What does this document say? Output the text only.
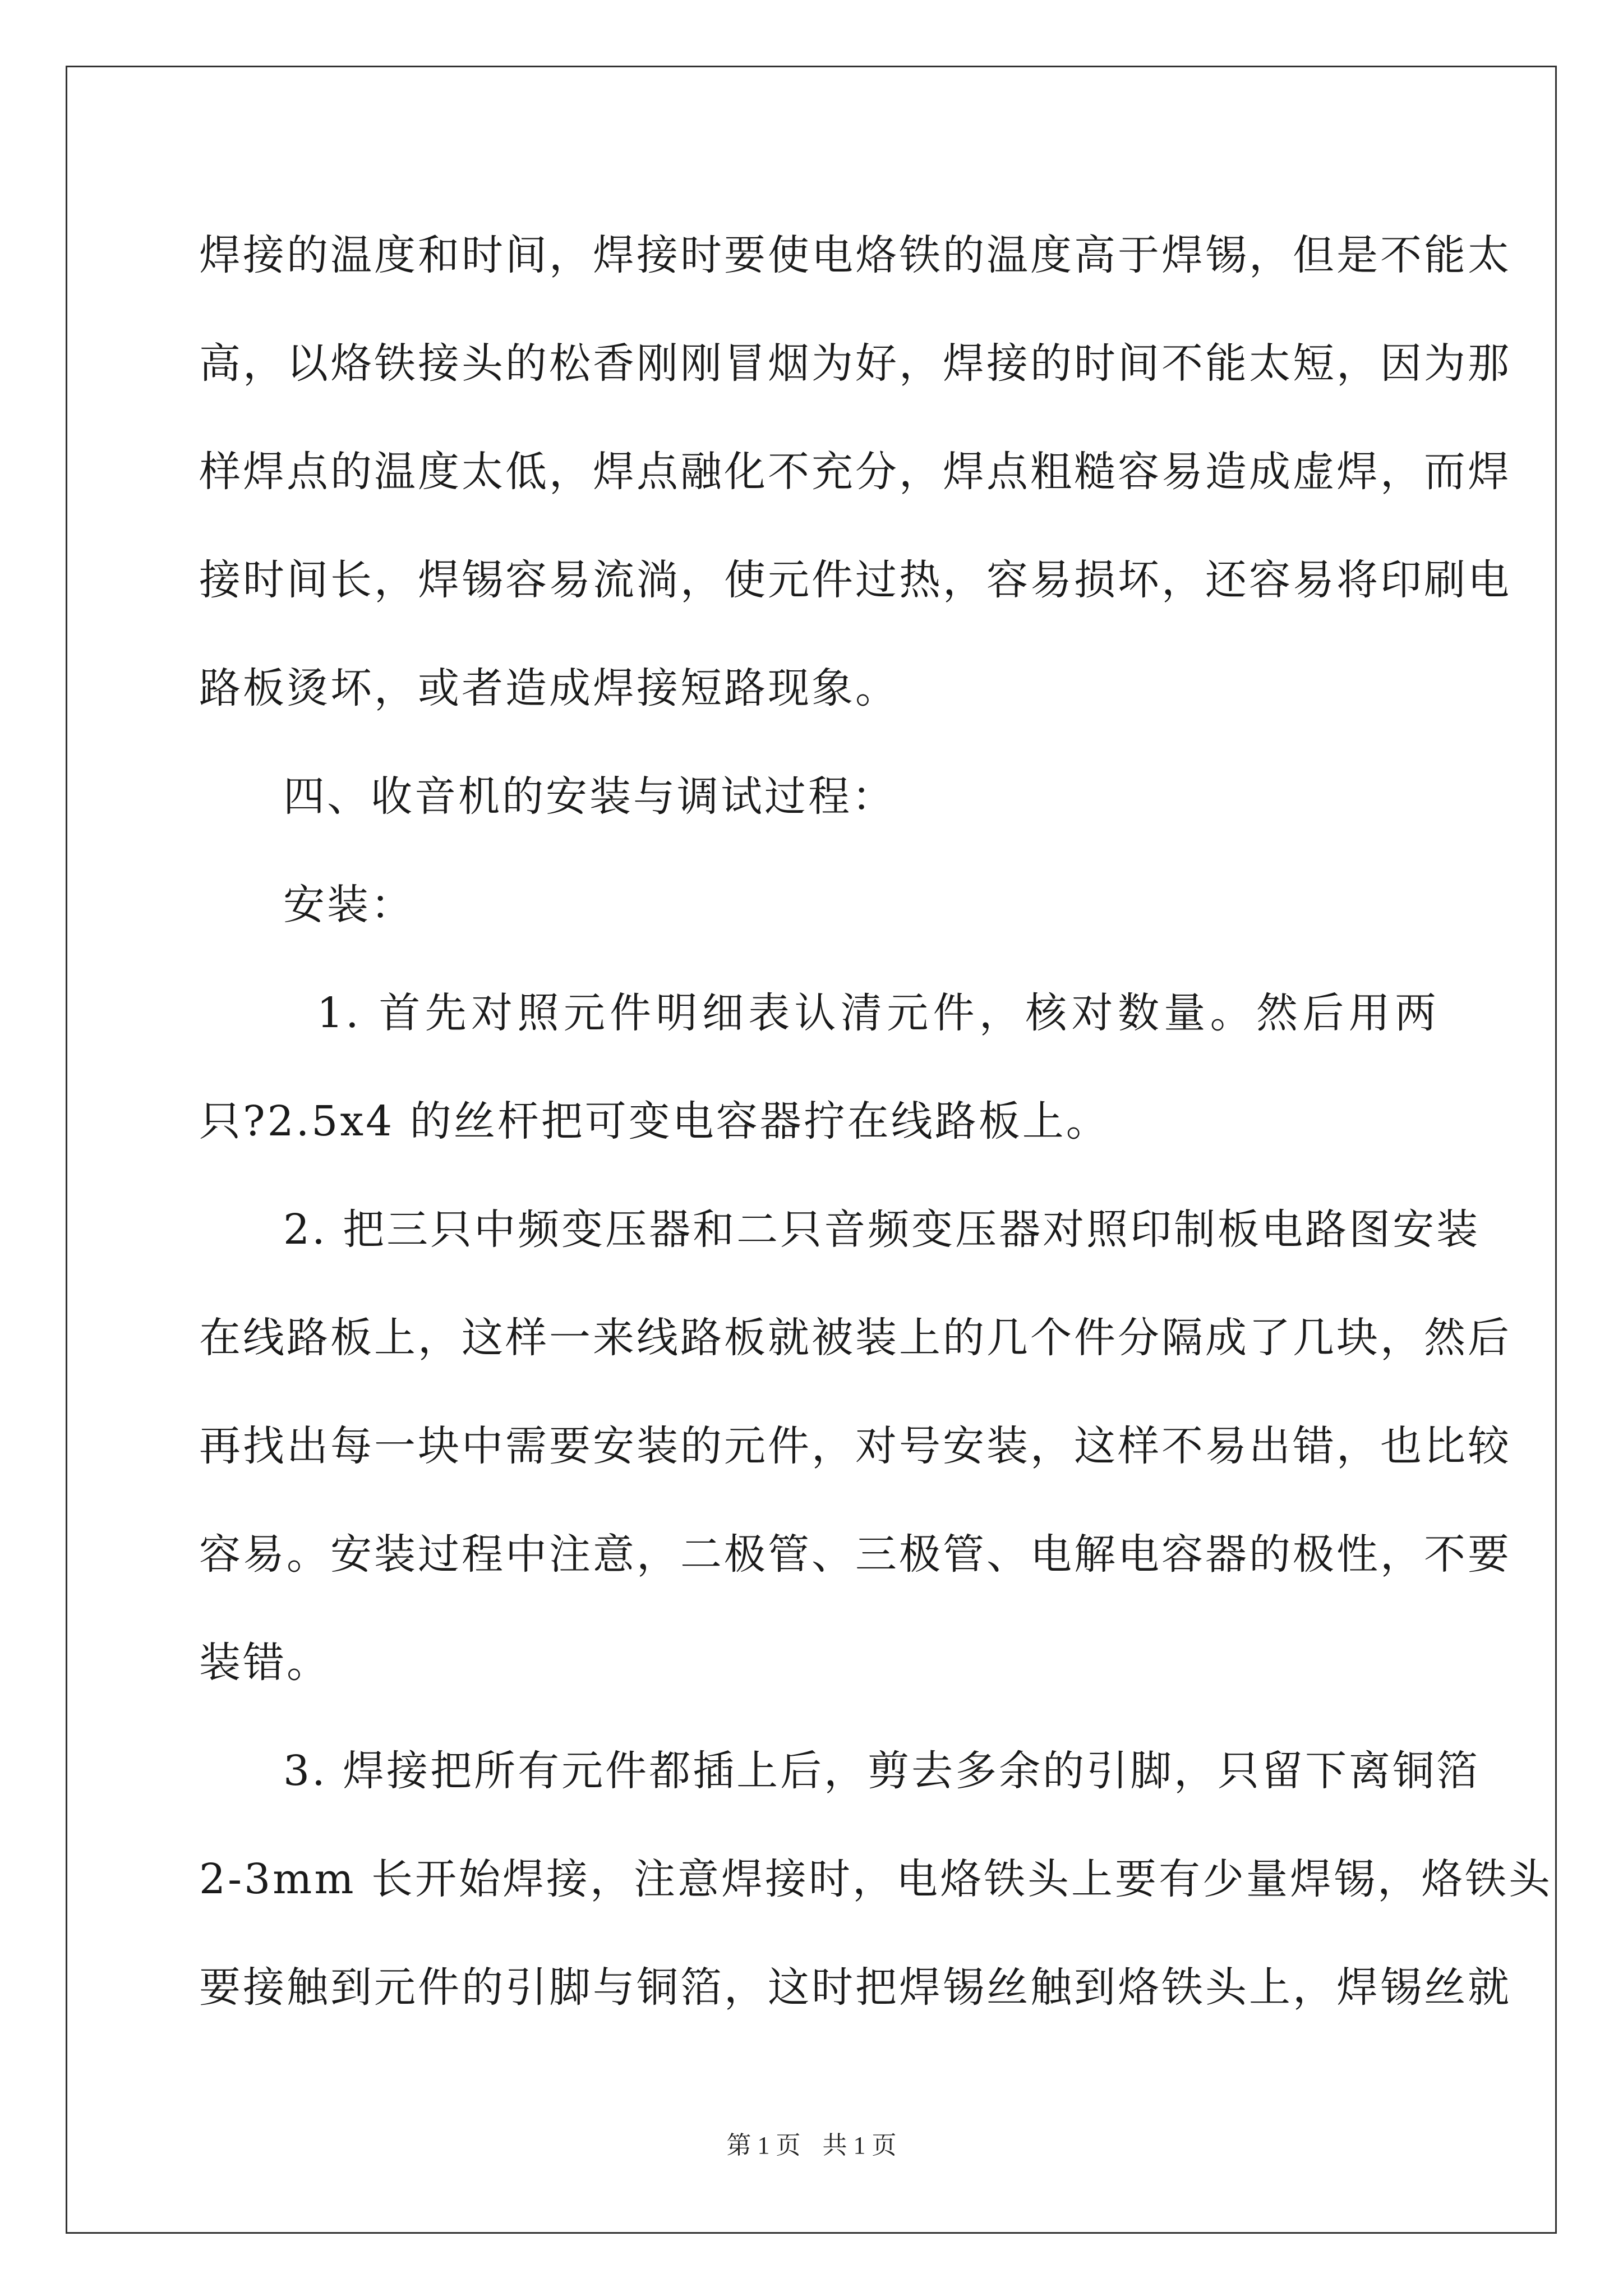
焊接的温度和时间，焊接时要使电烙铁的温度高于焊锡，但是不能太
高，以烙铁接头的松香刚刚冒烟为好，焊接的时间不能太短，因为那
样焊点的温度太低，焊点融化不充分，焊点粗糙容易造成虚焊，而焊
接时间长，焊锡容易流淌，使元件过热，容易损坏，还容易将印刷电
路板烫坏，或者造成焊接短路现象。
四、收音机的安装与调试过程：
安装：
1. 首先对照元件明细表认清元件，核对数量。然后用两
只?2.5x4 的丝杆把可变电容器拧在线路板上。
2. 把三只中频变压器和二只音频变压器对照印制板电路图安装
在线路板上，这样一来线路板就被装上的几个件分隔成了几块，然后
再找出每一块中需要安装的元件，对号安装，这样不易出错，也比较
容易。安装过程中注意，二极管、三极管、电解电容器的极性，不要
装错。
3. 焊接把所有元件都插上后，剪去多余的引脚，只留下离铜箔
2-3mm 长开始焊接，注意焊接时，电烙铁头上要有少量焊锡，烙铁头
要接触到元件的引脚与铜箔，这时把焊锡丝触到烙铁头上，焊锡丝就
第 1 页 共 1 页
